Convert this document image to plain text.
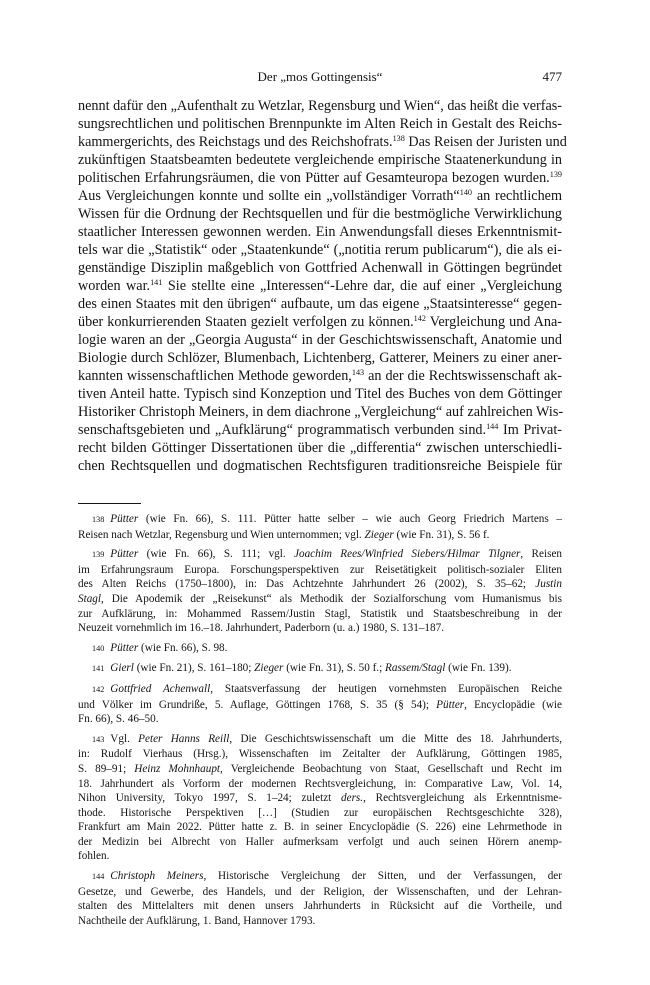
Der „mos Gottingensis“	477
nennt dafür den „Aufenthalt zu Wetzlar, Regensburg und Wien“, das heißt die verfas-
sungsrechtlichen und politischen Brennpunkte im Alten Reich in Gestalt des Reichs-
kammergerichts, des Reichstags und des Reichshofrats.$^{138}$ Das Reisen der Juristen und
zukünftigen Staatsbeamten bedeutete vergleichende empirische Staatenerkundung in
politischen Erfahrungsräumen, die von Pütter auf Gesamteuropa bezogen wurden.$^{139}$
Aus Vergleichungen konnte und sollte ein „vollständiger Vorrath“$^{140}$ an rechtlichem
Wissen für die Ordnung der Rechtsquellen und für die bestmögliche Verwirklichung
staatlicher Interessen gewonnen werden. Ein Anwendungsfall dieses Erkenntnismit-
tels war die „Statistik“ oder „Staatenkunde“ („notitia rerum publicarum“), die als ei-
genständige Disziplin maßgeblich von Gottfried Achenwall in Göttingen begründet
worden war.$^{141}$ Sie stellte eine „Interessen“-Lehre dar, die auf einer „Vergleichung
des einen Staates mit den übrigen“ aufbaute, um das eigene „Staatsinteresse“ gegen-
über konkurrierenden Staaten gezielt verfolgen zu können.$^{142}$ Vergleichung und Ana-
logie waren an der „Georgia Augusta“ in der Geschichtswissenschaft, Anatomie und
Biologie durch Schlözer, Blumenbach, Lichtenberg, Gatterer, Meiners zu einer aner-
kannten wissenschaftlichen Methode geworden,$^{143}$ an der die Rechtswissenschaft ak-
tiven Anteil hatte. Typisch sind Konzeption und Titel des Buches von dem Göttinger
Historiker Christoph Meiners, in dem diachrone „Vergleichung“ auf zahlreichen Wis-
senschaftsgebieten und „Aufklärung“ programmatisch verbunden sind.$^{144}$ Im Privat-
recht bilden Göttinger Dissertationen über die „differentia“ zwischen unterschiedli-
chen Rechtsquellen und dogmatischen Rechtsfiguren traditionsreiche Beispiele für
138 Pütter (wie Fn. 66), S. 111. Pütter hatte selber – wie auch Georg Friedrich Martens –
Reisen nach Wetzlar, Regensburg und Wien unternommen; vgl. Zieger (wie Fn. 31), S. 56 f.
139 Pütter (wie Fn. 66), S. 111; vgl. Joachim Rees/Winfried Siebers/Hilmar Tilgner, Reisen
im Erfahrungsraum Europa. Forschungsperspektiven zur Reisetätigkeit politisch-sozialer Eliten
des Alten Reichs (1750–1800), in: Das Achtzehnte Jahrhundert 26 (2002), S. 35–62; Justin
Stagl, Die Apodemik der „Reisekunst“ als Methodik der Sozialforschung vom Humanismus bis
zur Aufklärung, in: Mohammed Rassem/Justin Stagl, Statistik und Staatsbeschreibung in der
Neuzeit vornehmlich im 16.–18. Jahrhundert, Paderborn (u. a.) 1980, S. 131–187.
140 Pütter (wie Fn. 66), S. 98.
141 Gierl (wie Fn. 21), S. 161–180; Zieger (wie Fn. 31), S. 50 f.; Rassem/Stagl (wie Fn. 139).
142 Gottfried Achenwall, Staatsverfassung der heutigen vornehmsten Europäischen Reiche
und Völker im Grundriße, 5. Auflage, Göttingen 1768, S. 35 (§ 54); Pütter, Encyclopädie (wie
Fn. 66), S. 46–50.
143 Vgl. Peter Hanns Reill, Die Geschichtswissenschaft um die Mitte des 18. Jahrhunderts,
in: Rudolf Vierhaus (Hrsg.), Wissenschaften im Zeitalter der Aufklärung, Göttingen 1985,
S. 89–91; Heinz Mohnhaupt, Vergleichende Beobachtung von Staat, Gesellschaft und Recht im
18. Jahrhundert als Vorform der modernen Rechtsvergleichung, in: Comparative Law, Vol. 14,
Nihon University, Tokyo 1997, S. 1–24; zuletzt ders., Rechtsvergleichung als Erkenntnisme-
thode. Historische Perspektiven […] (Studien zur europäischen Rechtsgeschichte 328),
Frankfurt am Main 2022. Pütter hatte z. B. in seiner Encyclopädie (S. 226) eine Lehrmethode in
der Medizin bei Albrecht von Haller aufmerksam verfolgt und auch seinen Hörern anemp-
fohlen.
144 Christoph Meiners, Historische Vergleichung der Sitten, und der Verfassungen, der
Gesetze, und Gewerbe, des Handels, und der Religion, der Wissenschaften, und der Lehran-
stalten des Mittelalters mit denen unsers Jahrhunderts in Rücksicht auf die Vortheile, und
Nachtheile der Aufklärung, 1. Band, Hannover 1793.
